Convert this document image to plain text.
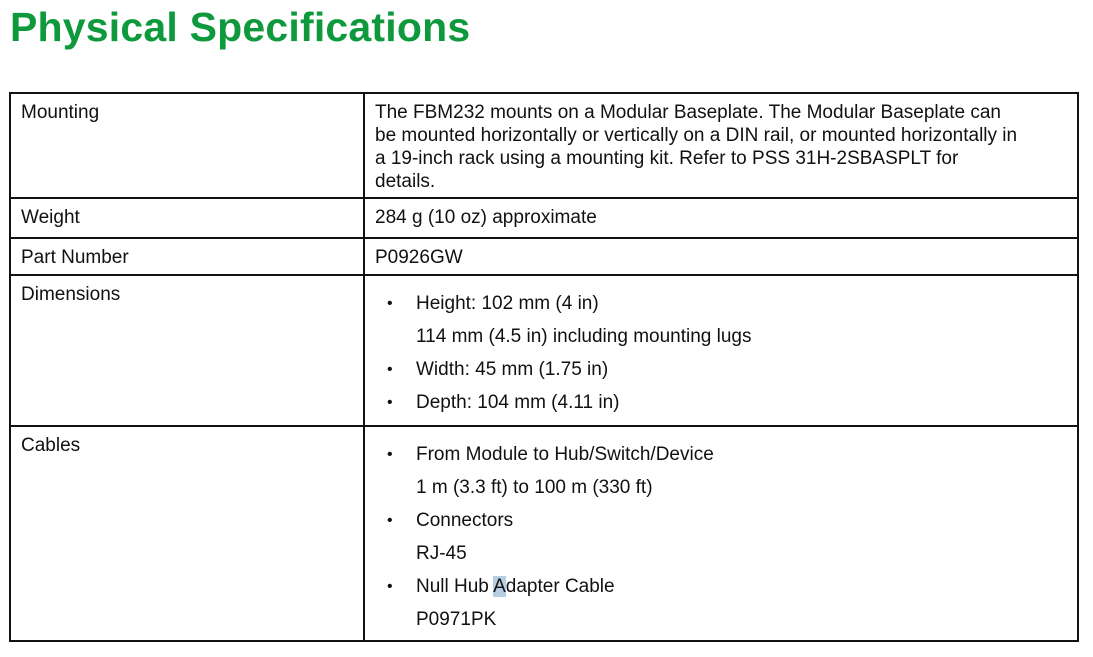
Physical Specifications
Mounting	The FBM232 mounts on a Modular Baseplate. The Modular Baseplate can
be mounted horizontally or vertically on a DIN rail, or mounted horizontally in
a 19-inch rack using a mounting kit. Refer to PSS 31H-2SBASPLT for
details.

Weight	284 g (10 oz) approximate
Part Number	P0926GW
Dimensions	• Height: 102 mm (4 in)
114 mm (4.5 in) including mounting lugs
• Width: 45 mm (1.75 in)
• Depth: 104 mm (4.11 in)

Cables	• From Module to Hub/Switch/Device
1 m (3.3 ft) to 100 m (330 ft)
• Connectors
RJ-45
• Null Hub Adapter Cable
P0971PK
